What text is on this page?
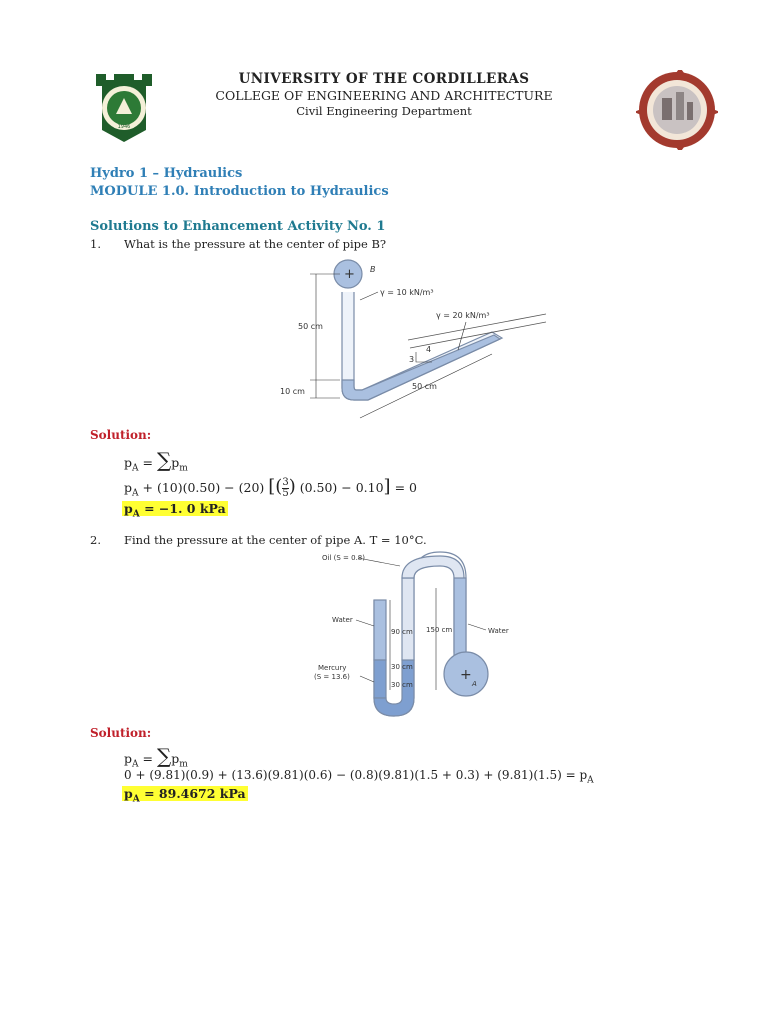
1946
UNIVERSITY OF THE CORDILLERAS
COLLEGE OF ENGINEERING AND ARCHITECTURE
Civil Engineering Department
Hydro 1 – Hydraulics
MODULE 1.0. Introduction to Hydraulics
Solutions to Enhancement Activity No. 1
1. What is the pressure at the center of pipe B?
+ B
γ = 10 kN/m³
γ = 20 kN/m³
50 cm
10 cm
50 cm
3
4
Solution:
$p_A = \sum p_m$
$p_A + (10)(0.50) - (20)$ [( $\frac{3}{5}$ ) (0.50) − 0.10] = 0
$p_A = -1$. 0 kPa
2. Find the pressure at the center of pipe A. T = 10°C.
+
A
Oil (S = 0.8)
Water
Water
Mercury
(S = 13.6)
90 cm
30 cm
30 cm
150 cm
Solution:
$p_A = \sum p_m$
$0 + (9.81)(0.9) + (13.6)(9.81)(0.6) - (0.8)(9.81)(1.5 + 0.3) + (9.81)(1.5) = p_A$
$p_A = 89.4672$ kPa
